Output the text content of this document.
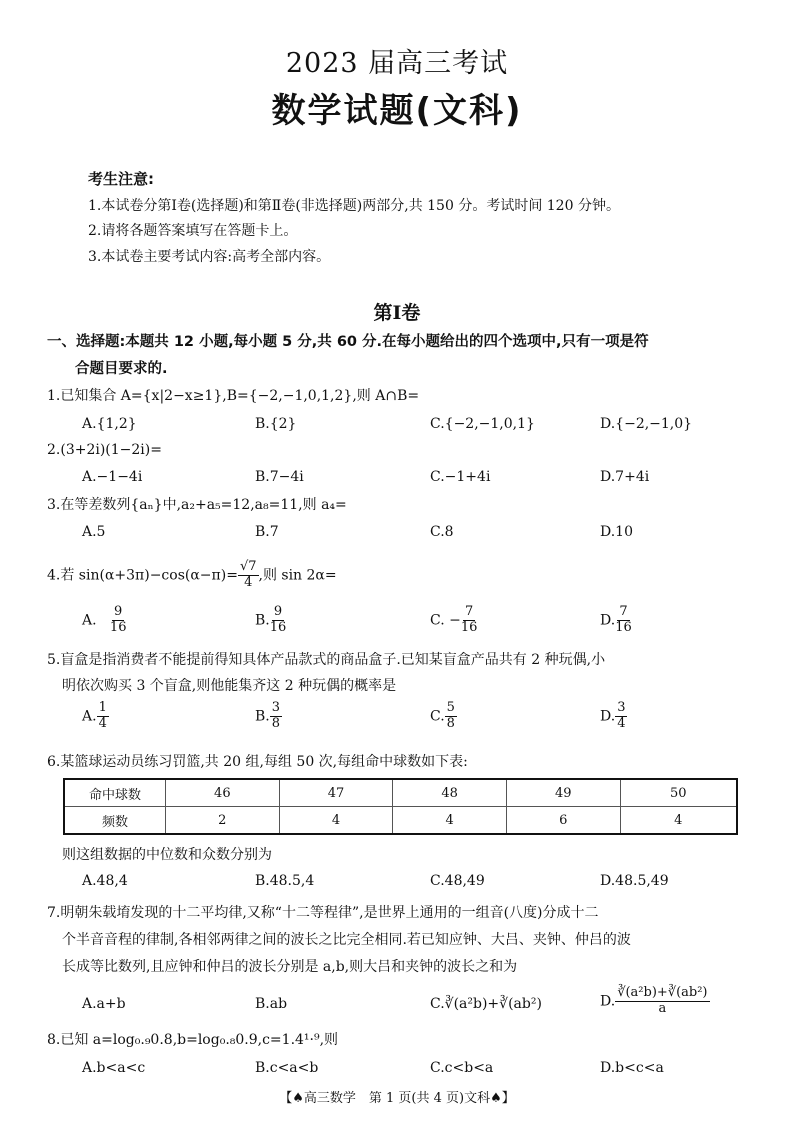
2023 届高三考试
数学试题(文科)
考生注意:
1.本试卷分第Ⅰ卷(选择题)和第Ⅱ卷(非选择题)两部分,共 150 分。考试时间 120 分钟。
2.请将各题答案填写在答题卡上。
3.本试卷主要考试内容:高考全部内容。
第Ⅰ卷
一、选择题:本题共 12 小题,每小题 5 分,共 60 分.在每小题给出的四个选项中,只有一项是符
合题目要求的.
1.已知集合 A={x|2−x≥1},B={−2,−1,0,1,2},则 A∩B=
A.{1,2}	B.{2}	C.{−2,−1,0,1}	D.{−2,−1,0}
2.(3+2i)(1−2i)=
A.−1−4i	B.7−4i	C.−1+4i	D.7+4i
3.在等差数列{aₙ}中,a₂+a₅=12,a₈=11,则 a₄=
A.5	B.7	C.8	D.10
4.若 $\sin(\alpha+3\pi)-\cos(\alpha-\pi)= \frac{√7}{4}$ ,则 sin 2α=
A. $\frac{9}{16}$	B. $\frac{9}{16}$	C. − $\frac{7}{16}$	D. $\frac{7}{16}$
5.盲盒是指消费者不能提前得知具体产品款式的商品盒子.已知某盲盒产品共有 2 种玩偶,小
明依次购买 3 个盲盒,则他能集齐这 2 种玩偶的概率是
A. $\frac{1}{4}$	B. $\frac{3}{8}$	C. $\frac{5}{8}$	D. $\frac{3}{4}$
6.某篮球运动员练习罚篮,共 20 组,每组 50 次,每组命中球数如下表:
命中球数	46	47	48	49	50
频数	2	4	4	6	4
则这组数据的中位数和众数分别为
A.48,4	B.48.5,4	C.48,49	D.48.5,49
7.明朝朱载堉发现的十二平均律,又称“十二等程律”,是世界上通用的一组音(八度)分成十二
个半音音程的律制,各相邻两律之间的波长之比完全相同.若已知应钟、大吕、夹钟、仲吕的波
长成等比数列,且应钟和仲吕的波长分别是 a,b,则大吕和夹钟的波长之和为
A.a+b	B.ab	C.∛(a²b)+∛(ab²)	D. $\frac{\text{∛(a²b)+∛(ab²)}}{a}$
8.已知 a=log₀.₉0.8,b=log₀.₈0.9,c=1.4¹·⁹,则
A.b<a<c	B.c<a<b	C.c<b<a	D.b<c<a
【♠高三数学　第 1 页(共 4 页)文科♠】
